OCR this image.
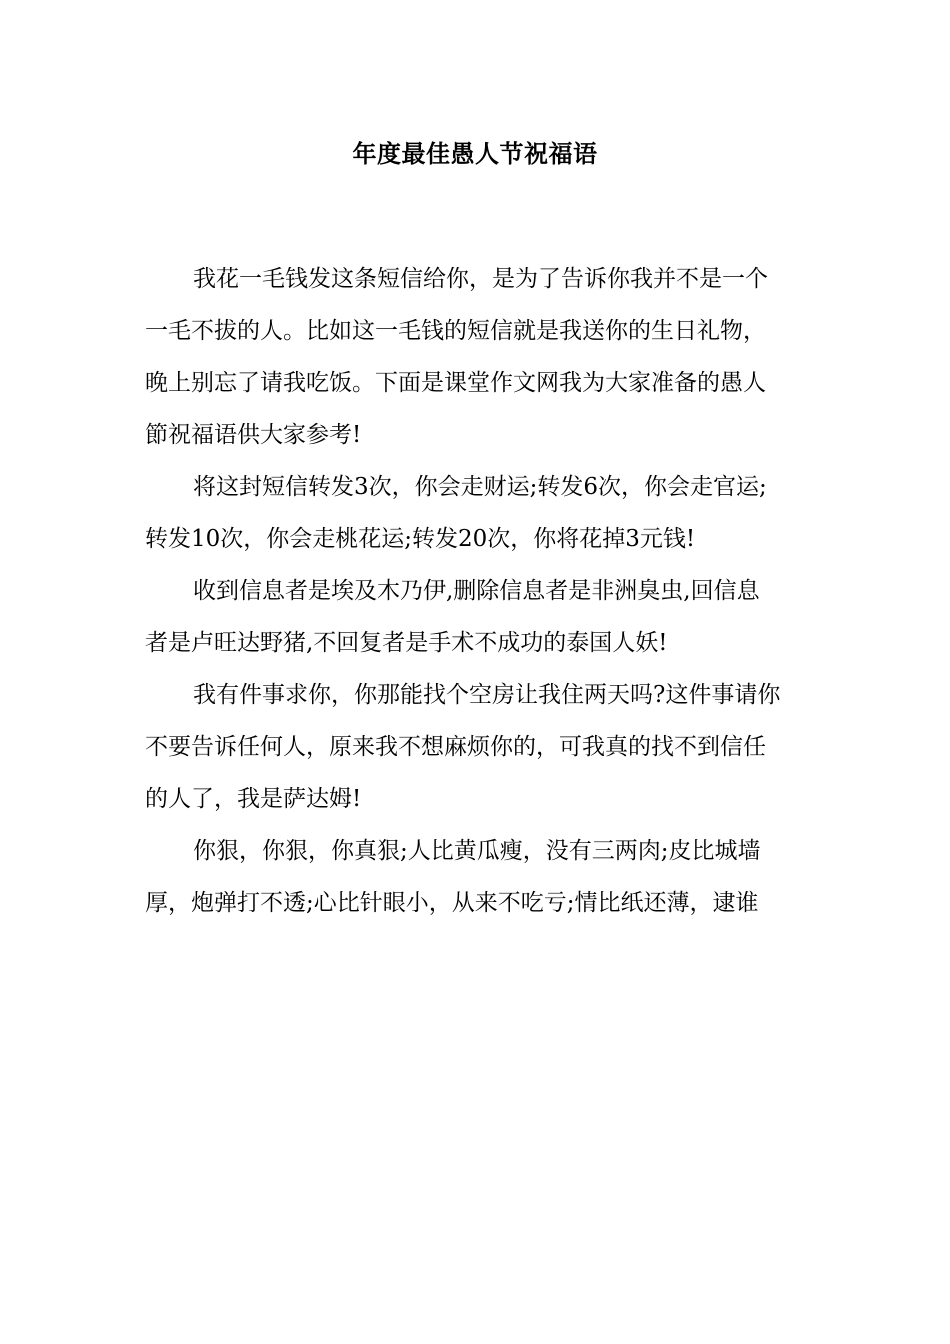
年度最佳愚人节祝福语
我花一毛钱发这条短信给你，是为了告诉你我并不是一个
一毛不拔的人。比如这一毛钱的短信就是我送你的生日礼物，
晚上别忘了请我吃饭。下面是课堂作文网我为大家准备的愚人
節祝福语供大家参考!
将这封短信转发3次，你会走财运;转发6次，你会走官运;
转发10次，你会走桃花运;转发20次，你将花掉3元钱!
收到信息者是埃及木乃伊,删除信息者是非洲臭虫,回信息
者是卢旺达野猪,不回复者是手术不成功的泰国人妖!
我有件事求你，你那能找个空房让我住两天吗?这件事请你
不要告诉任何人，原来我不想麻烦你的，可我真的找不到信任
的人了，我是萨达姆!
你狠，你狠，你真狠;人比黄瓜瘦，没有三两肉;皮比城墙
厚，炮弹打不透;心比针眼小，从来不吃亏;情比纸还薄，逮谁
